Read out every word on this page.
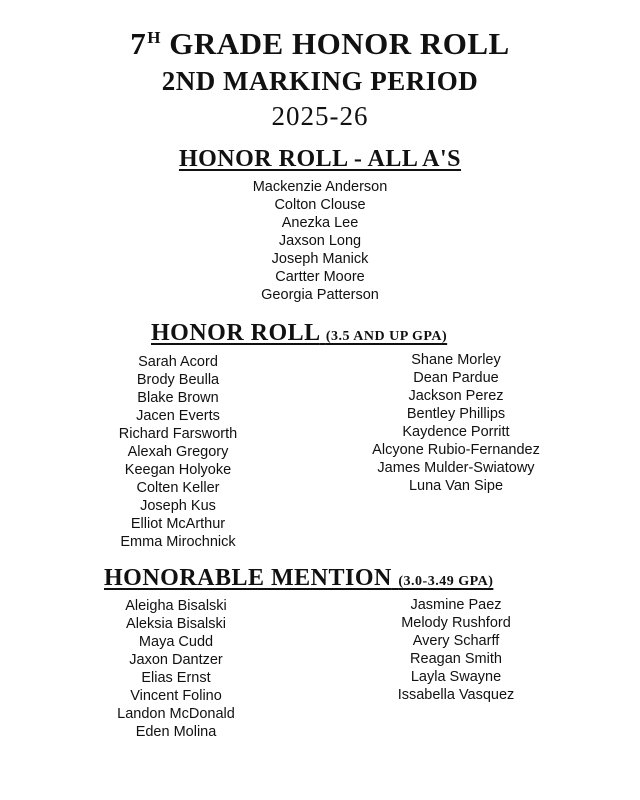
$7^H$ GRADE HONOR ROLL
2ND MARKING PERIOD
2025-26
HONOR ROLL - ALL A'S
Mackenzie Anderson
Colton Clouse
Anezka Lee
Jaxson Long
Joseph Manick
Cartter Moore
Georgia Patterson
HONOR ROLL (3.5 AND UP GPA)
Sarah Acord
Brody Beulla
Blake Brown
Jacen Everts
Richard Farsworth
Alexah Gregory
Keegan Holyoke
Colten Keller
Joseph Kus
Elliot McArthur
Emma Mirochnick
Shane Morley
Dean Pardue
Jackson Perez
Bentley Phillips
Kaydence Porritt
Alcyone Rubio-Fernandez
James Mulder-Swiatowy
Luna Van Sipe
HONORABLE MENTION (3.0-3.49 GPA)
Aleigha Bisalski
Aleksia Bisalski
Maya Cudd
Jaxon Dantzer
Elias Ernst
Vincent Folino
Landon McDonald
Eden Molina
Jasmine Paez
Melody Rushford
Avery Scharff
Reagan Smith
Layla Swayne
Issabella Vasquez
